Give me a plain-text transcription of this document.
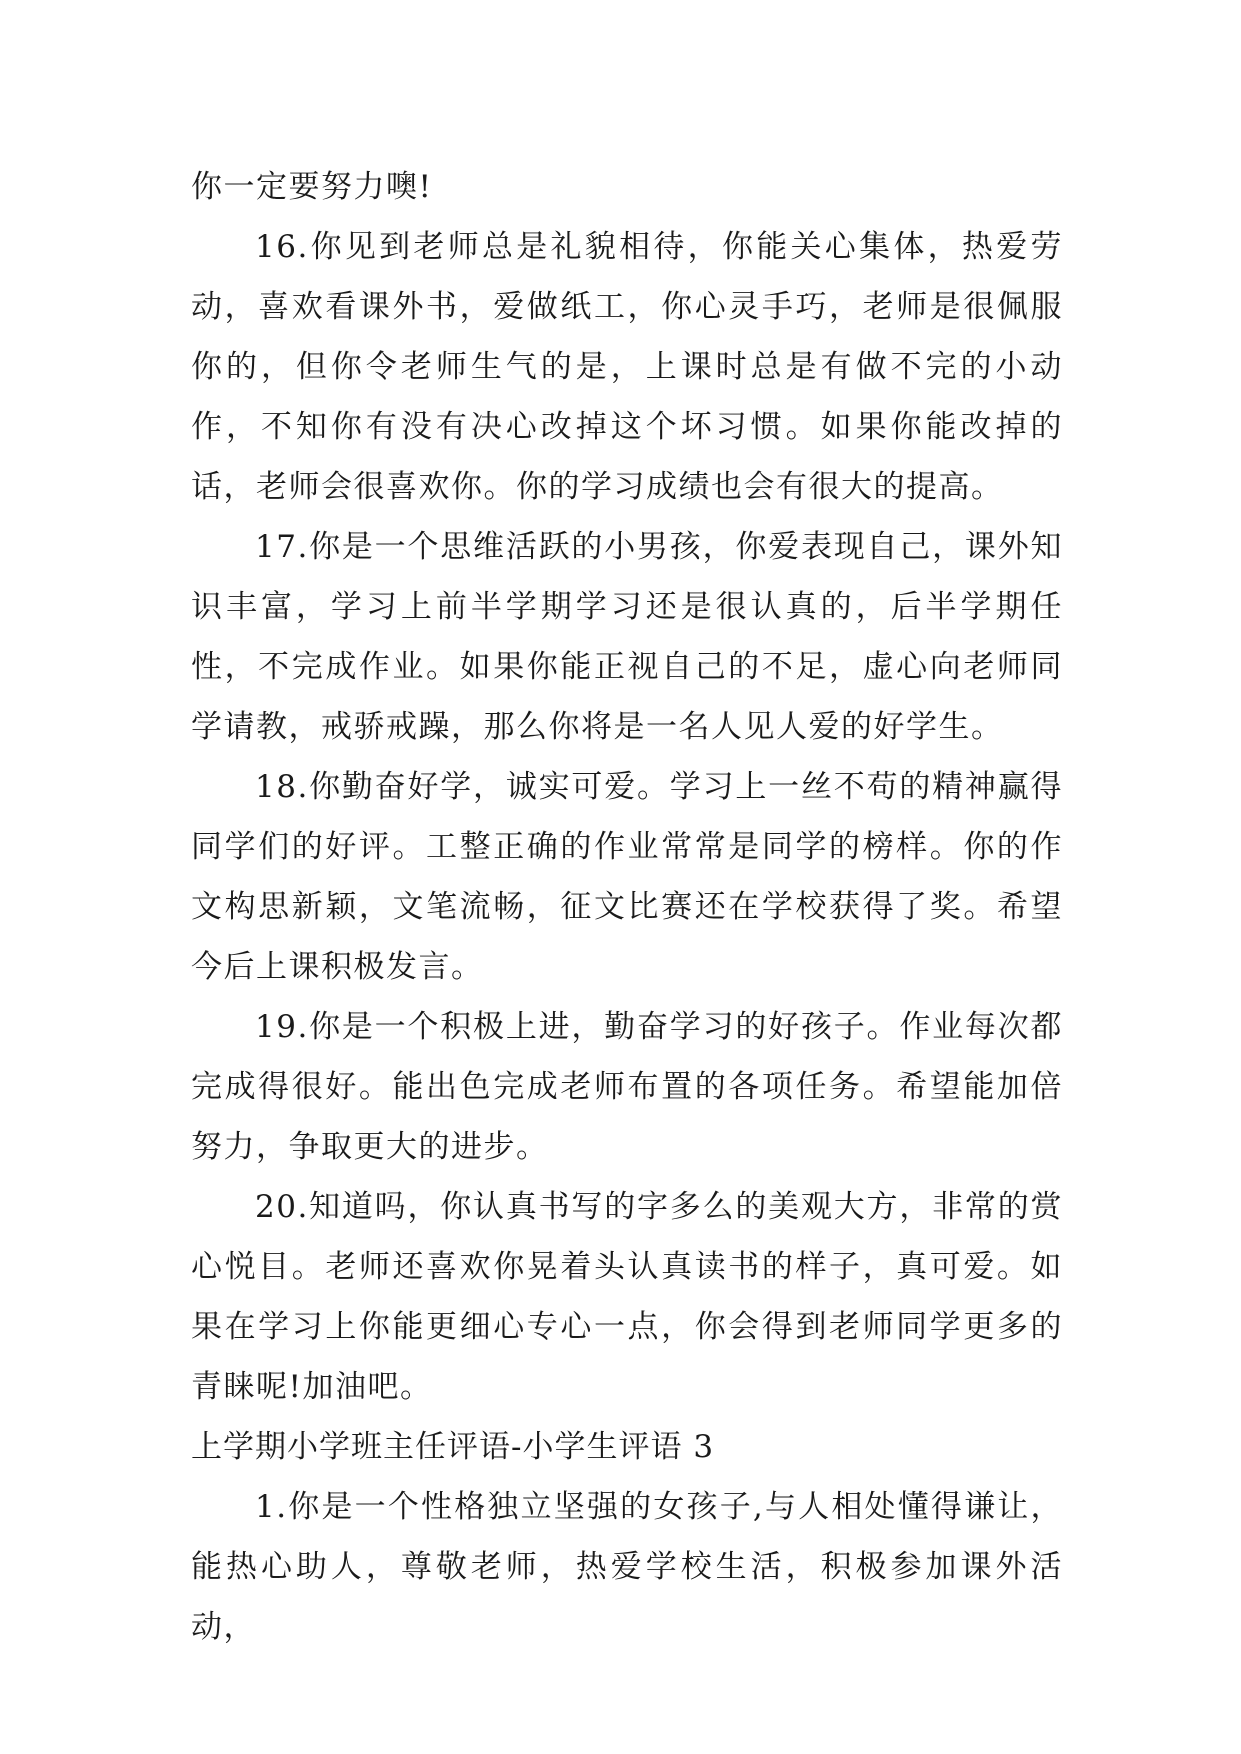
你一定要努力噢!

16.你见到老师总是礼貌相待，你能关心集体，热爱劳动，喜欢看课外书，爱做纸工，你心灵手巧，老师是很佩服你的，但你令老师生气的是，上课时总是有做不完的小动作，不知你有没有决心改掉这个坏习惯。如果你能改掉的话，老师会很喜欢你。你的学习成绩也会有很大的提高。

17.你是一个思维活跃的小男孩，你爱表现自己，课外知识丰富，学习上前半学期学习还是很认真的，后半学期任性，不完成作业。如果你能正视自己的不足，虚心向老师同学请教，戒骄戒躁，那么你将是一名人见人爱的好学生。

18.你勤奋好学，诚实可爱。学习上一丝不苟的精神赢得同学们的好评。工整正确的作业常常是同学的榜样。你的作文构思新颖，文笔流畅，征文比赛还在学校获得了奖。希望今后上课积极发言。

19.你是一个积极上进，勤奋学习的好孩子。作业每次都完成得很好。能出色完成老师布置的各项任务。希望能加倍努力，争取更大的进步。

20.知道吗，你认真书写的字多么的美观大方，非常的赏心悦目。老师还喜欢你晃着头认真读书的样子，真可爱。如果在学习上你能更细心专心一点，你会得到老师同学更多的青睐呢!加油吧。

上学期小学班主任评语-小学生评语 3

1.你是一个性格独立坚强的女孩子,与人相处懂得谦让，能热心助人，尊敬老师，热爱学校生活，积极参加课外活动，
